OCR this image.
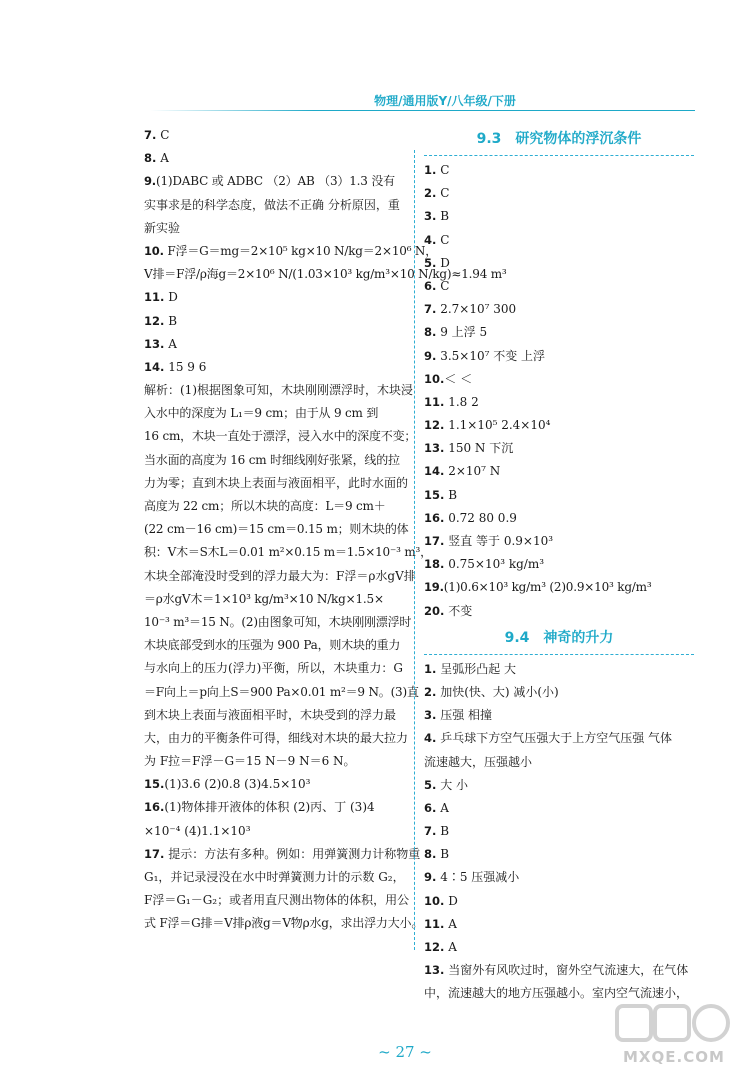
物理/通用版Y/八年级/下册
7. C
8. A
9.(1)DABC 或 ADBC （2）AB （3）1.3 没有
实事求是的科学态度，做法不正确 分析原因，重
新实验
10. F浮＝G＝mg＝2×10⁵ kg×10 N/kg＝2×10⁶ N，
V排＝F浮/ρ海g＝2×10⁶ N/(1.03×10³ kg/m³×10 N/kg)≈1.94 m³
11. D
12. B
13. A
14. 15 9 6
解析：(1)根据图象可知，木块刚刚漂浮时，木块浸
入水中的深度为 L₁＝9 cm；由于从 9 cm 到
16 cm，木块一直处于漂浮，浸入水中的深度不变；
当水面的高度为 16 cm 时细线刚好张紧，线的拉
力为零；直到木块上表面与液面相平，此时水面的
高度为 22 cm；所以木块的高度：L＝9 cm＋
(22 cm－16 cm)＝15 cm＝0.15 m；则木块的体
积：V木＝S木L＝0.01 m²×0.15 m＝1.5×10⁻³ m³，
木块全部淹没时受到的浮力最大为：F浮＝ρ水gV排
＝ρ水gV木＝1×10³ kg/m³×10 N/kg×1.5×
10⁻³ m³＝15 N。(2)由图象可知，木块刚刚漂浮时
木块底部受到水的压强为 900 Pa，则木块的重力
与水向上的压力(浮力)平衡，所以，木块重力：G
＝F向上＝p向上S＝900 Pa×0.01 m²＝9 N。(3)直
到木块上表面与液面相平时，木块受到的浮力最
大，由力的平衡条件可得，细线对木块的最大拉力
为 F拉＝F浮－G＝15 N－9 N＝6 N。
15.(1)3.6 (2)0.8 (3)4.5×10³
16.(1)物体排开液体的体积 (2)丙、丁 (3)4
×10⁻⁴ (4)1.1×10³
17. 提示：方法有多种。例如：用弹簧测力计称物重
G₁，并记录浸没在水中时弹簧测力计的示数 G₂，
F浮＝G₁－G₂；或者用直尺测出物体的体积，用公
式 F浮＝G排＝V排ρ液g＝V物ρ水g，求出浮力大小。
9.3 研究物体的浮沉条件
1. C
2. C
3. B
4. C
5. D
6. C
7. 2.7×10⁷ 300
8. 9 上浮 5
9. 3.5×10⁷ 不变 上浮
10.＜ ＜
11. 1.8 2
12. 1.1×10⁵ 2.4×10⁴
13. 150 N 下沉
14. 2×10⁷ N
15. B
16. 0.72 80 0.9
17. 竖直 等于 0.9×10³
18. 0.75×10³ kg/m³
19.(1)0.6×10³ kg/m³ (2)0.9×10³ kg/m³
20. 不变
9.4 神奇的升力
1. 呈弧形凸起 大
2. 加快(快、大) 减小(小)
3. 压强 相撞
4. 乒乓球下方空气压强大于上方空气压强 气体
流速越大，压强越小
5. 大 小
6. A
7. B
8. B
9. 4∶5 压强减小
10. D
11. A
12. A
13. 当窗外有风吹过时，窗外空气流速大，在气体
中，流速越大的地方压强越小。室内空气流速小，
~ 27 ~	MXQE.COM
